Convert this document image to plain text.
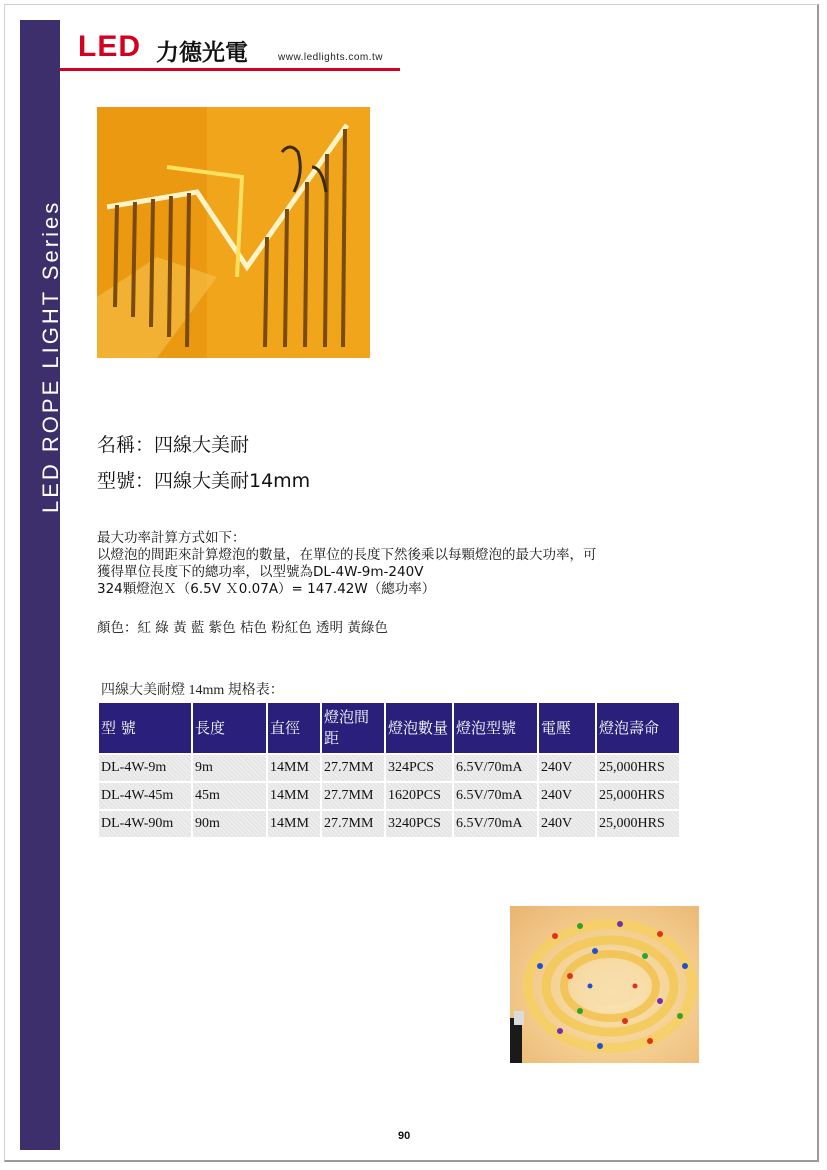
LED ROPE LIGHT Series
LED 力德光電	www.ledlights.com.tw
名稱：四線大美耐
型號：四線大美耐14mm
最大功率計算方式如下：
以燈泡的間距來計算燈泡的數量，在單位的長度下然後乘以每顆燈泡的最大功率，可
獲得單位長度下的總功率，以型號為DL-4W-9m-240V
324顆燈泡Ｘ（6.5V Ｘ0.07A）= 147.42W（總功率）
顏色：紅 綠 黃 藍 紫色 桔色 粉紅色 透明 黃綠色
四線大美耐燈 14mm 規格表：
型 號	長度	直徑	燈泡間距	燈泡數量	燈泡型號	電壓	燈泡壽命
DL-4W-9m	9m	14MM	27.7MM	324PCS	6.5V/70mA	240V	25,000HRS
DL-4W-45m	45m	14MM	27.7MM	1620PCS	6.5V/70mA	240V	25,000HRS
DL-4W-90m	90m	14MM	27.7MM	3240PCS	6.5V/70mA	240V	25,000HRS
90
